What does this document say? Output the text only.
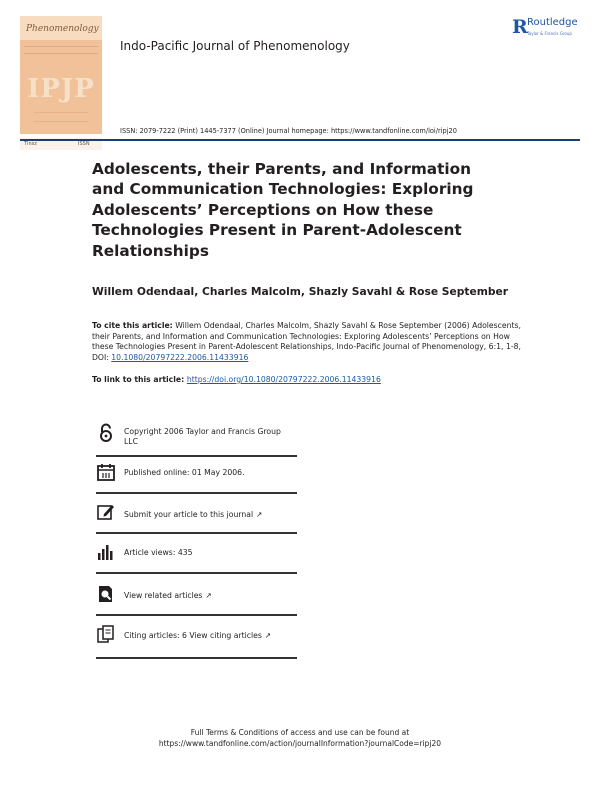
Phenomenology
IPJP
Tlnsz	ISSN
Indo-Pacific Journal of Phenomenology
ISSN: 2079-7222 (Print) 1445-7377 (Online) Journal homepage: https://www.tandfonline.com/loi/ripj20
R Routledge
Taylor & Francis Group
Adolescents, their Parents, and Information and Communication Technologies: Exploring Adolescents’ Perceptions on How these Technologies Present in Parent-Adolescent Relationships
Willem Odendaal, Charles Malcolm, Shazly Savahl & Rose September
To cite this article: Willem Odendaal, Charles Malcolm, Shazly Savahl & Rose September (2006) Adolescents, their Parents, and Information and Communication Technologies: Exploring Adolescents’ Perceptions on How these Technologies Present in Parent-Adolescent Relationships, Indo-Pacific Journal of Phenomenology, 6:1, 1-8, DOI: 10.1080/20797222.2006.11433916
To link to this article: https://doi.org/10.1080/20797222.2006.11433916
Copyright 2006 Taylor and Francis Group LLC
Published online: 01 May 2006.
Submit your article to this journal ↗
Article views: 435
View related articles ↗
Citing articles: 6 View citing articles ↗
Full Terms & Conditions of access and use can be found at
https://www.tandfonline.com/action/journalInformation?journalCode=ripj20
